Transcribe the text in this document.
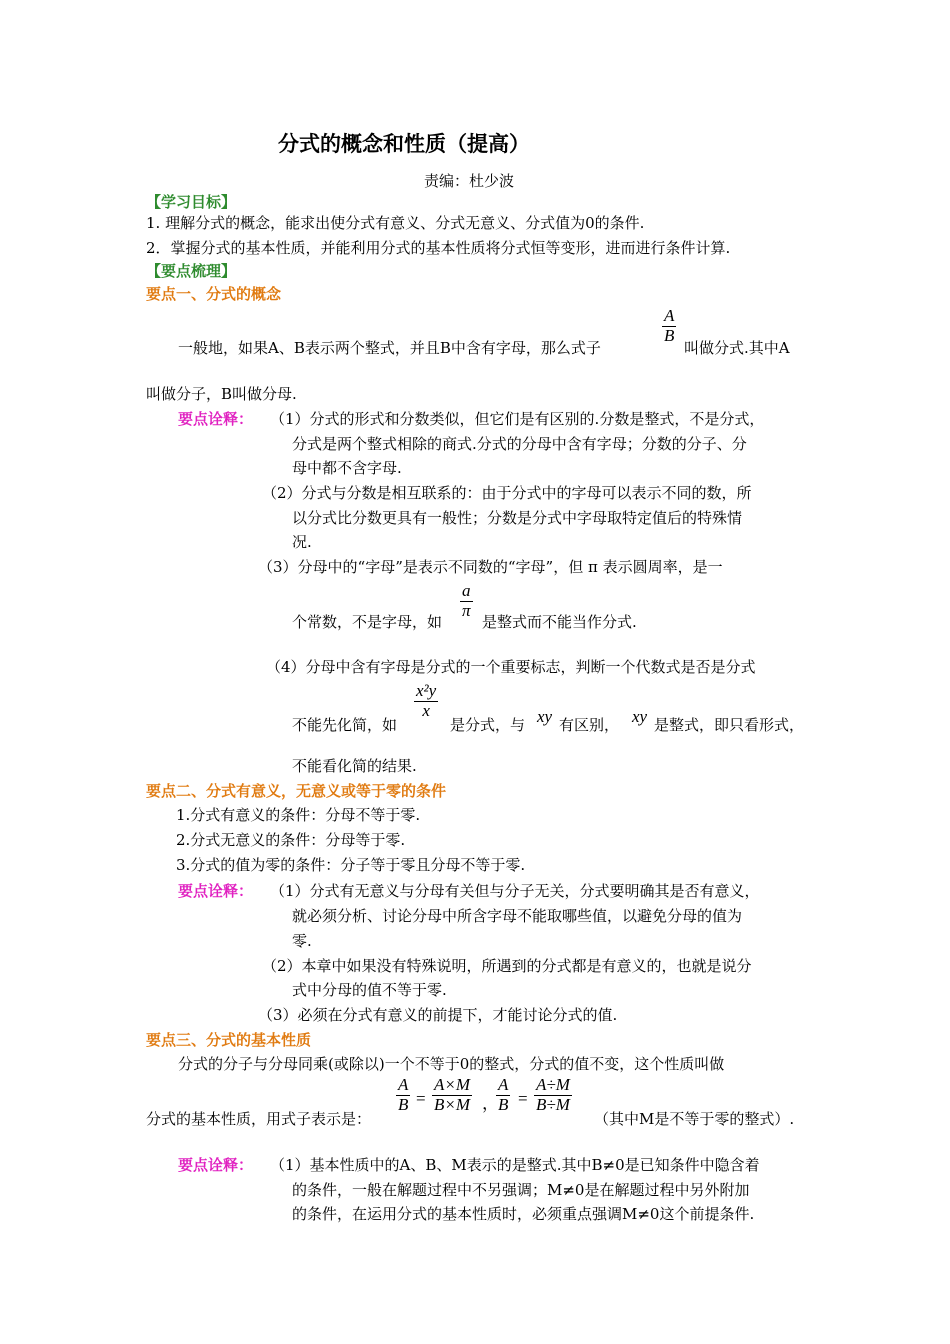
分式的概念和性质（提高）
责编：杜少波
【学习目标】
1. 理解分式的概念，能求出使分式有意义、分式无意义、分式值为0的条件.
2．掌握分式的基本性质，并能利用分式的基本性质将分式恒等变形，进而进行条件计算.
【要点梳理】
要点一、分式的概念
一般地，如果A、B表示两个整式，并且B中含有字母，那么式子
$\frac{A}{B}$
叫做分式.其中A
叫做分子，B叫做分母.
要点诠释： （1）分式的形式和分数类似，但它们是有区别的.分数是整式，不是分式，
分式是两个整式相除的商式.分式的分母中含有字母；分数的分子、分
母中都不含字母.
（2）分式与分数是相互联系的：由于分式中的字母可以表示不同的数，所
以分式比分数更具有一般性；分数是分式中字母取特定值后的特殊情
况.
（3）分母中的“字母”是表示不同数的“字母”，但 π 表示圆周率，是一
个常数，不是字母，如
$\frac{a}{\pi}$
是整式而不能当作分式.
（4）分母中含有字母是分式的一个重要标志，判断一个代数式是否是分式
不能先化简，如
$\frac{\text{x²y}}{x}$
是分式，与 xy 有区别， xy 是整式，即只看形式，
不能看化简的结果.
要点二、分式有意义，无意义或等于零的条件
1.分式有意义的条件：分母不等于零.
2.分式无意义的条件：分母等于零.
3.分式的值为零的条件：分子等于零且分母不等于零.
要点诠释： （1）分式有无意义与分母有关但与分子无关，分式要明确其是否有意义，
就必须分析、讨论分母中所含字母不能取哪些值，以避免分母的值为
零.
（2）本章中如果没有特殊说明，所遇到的分式都是有意义的，也就是说分
式中分母的值不等于零.
（3）必须在分式有意义的前提下，才能讨论分式的值.
要点三、分式的基本性质
分式的分子与分母同乘(或除以)一个不等于0的整式，分式的值不变，这个性质叫做
分式的基本性质，用式子表示是：
$\frac{A}{B} = \frac{A\times M}{B\times M}$ ，
$\frac{A}{B} = \frac{A\div M}{B\div M}$
（其中M是不等于零的整式）.
要点诠释： （1）基本性质中的A、B、M表示的是整式.其中B≠0是已知条件中隐含着
的条件，一般在解题过程中不另强调；M≠0是在解题过程中另外附加
的条件，在运用分式的基本性质时，必须重点强调M≠0这个前提条件.
